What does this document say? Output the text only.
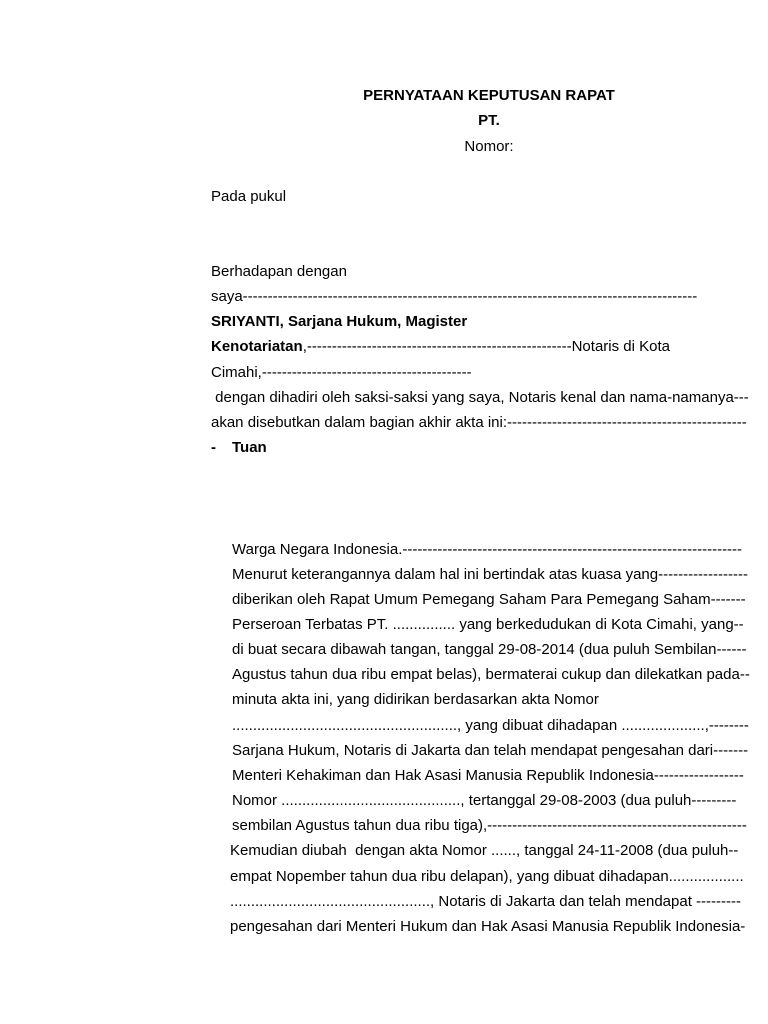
PERNYATAAN KEPUTUSAN RAPAT
PT.
Nomor:
Pada pukul
Berhadapan dengan
saya-------------------------------------------------------------------------------------------
SRIYANTI, Sarjana Hukum, Magister
Kenotariatan,-----------------------------------------------------Notaris di Kota
Cimahi,------------------------------------------
dengan dihadiri oleh saksi-saksi yang saya, Notaris kenal dan nama-namanya---
akan disebutkan dalam bagian akhir akta ini:------------------------------------------------
- Tuan
Warga Negara Indonesia.--------------------------------------------------------------------
Menurut keterangannya dalam hal ini bertindak atas kuasa yang------------------
diberikan oleh Rapat Umum Pemegang Saham Para Pemegang Saham-------
Perseroan Terbatas PT. ............... yang berkedudukan di Kota Cimahi, yang--
di buat secara dibawah tangan, tanggal 29-08-2014 (dua puluh Sembilan------
Agustus tahun dua ribu empat belas), bermaterai cukup dan dilekatkan pada--
minuta akta ini, yang didirikan berdasarkan akta Nomor
......................................................, yang dibuat dihadapan ....................,--------
Sarjana Hukum, Notaris di Jakarta dan telah mendapat pengesahan dari-------
Menteri Kehakiman dan Hak Asasi Manusia Republik Indonesia------------------
Nomor ..........................................., tertanggal 29-08-2003 (dua puluh---------
sembilan Agustus tahun dua ribu tiga),----------------------------------------------------
Kemudian diubah  dengan akta Nomor ......, tanggal 24-11-2008 (dua puluh--
empat Nopember tahun dua ribu delapan), yang dibuat dihadapan..................
................................................, Notaris di Jakarta dan telah mendapat ---------
pengesahan dari Menteri Hukum dan Hak Asasi Manusia Republik Indonesia-
